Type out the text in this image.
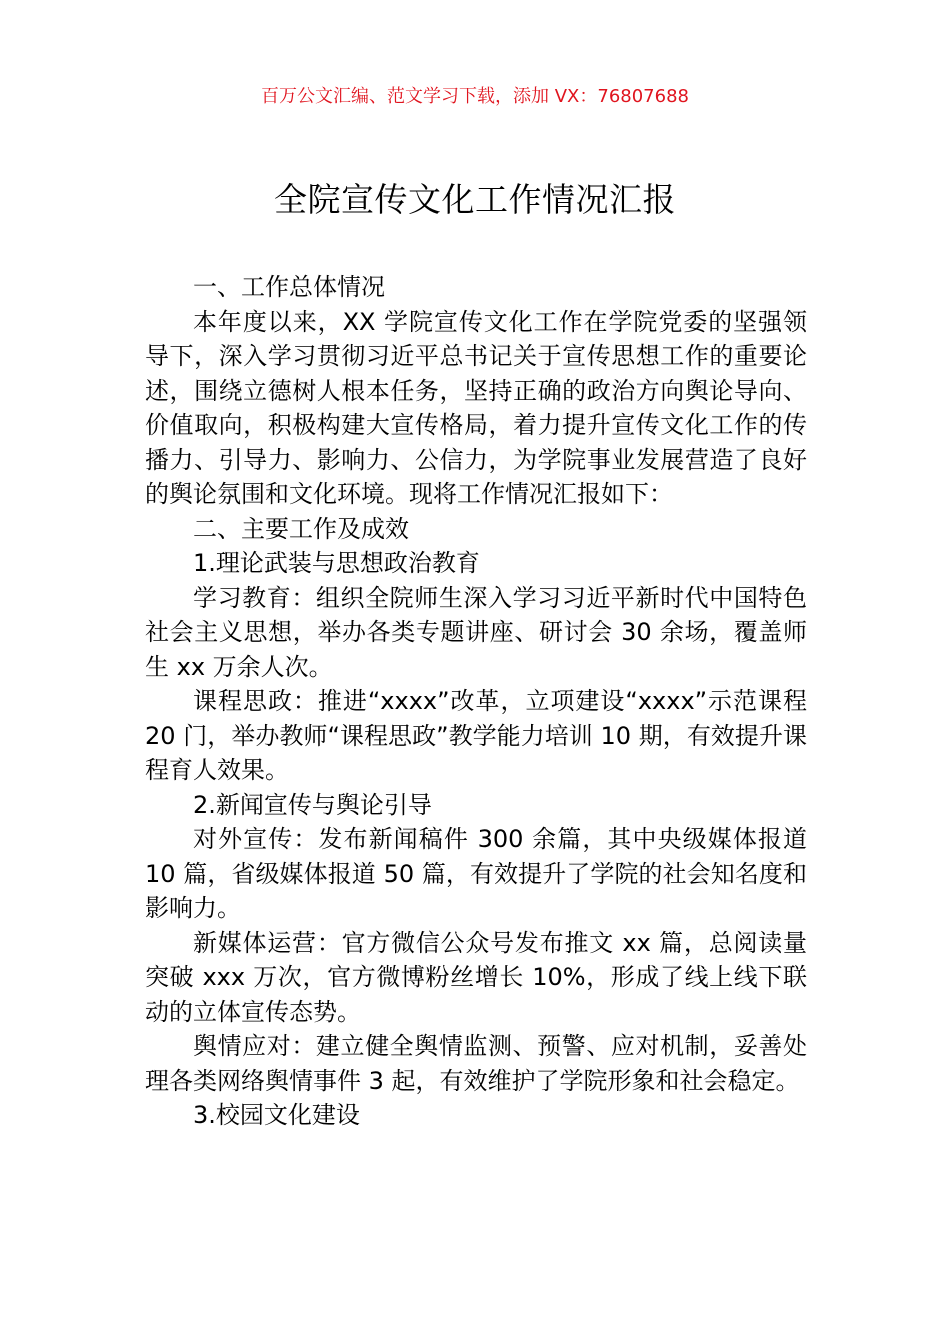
百万公文汇编、范文学习下载，添加 VX：76807688
全院宣传文化工作情况汇报

一、工作总体情况

本年度以来，XX 学院宣传文化工作在学院党委的坚强领导下，深入学习贯彻习近平总书记关于宣传思想工作的重要论述，围绕立德树人根本任务，坚持正确的政治方向舆论导向、价值取向，积极构建大宣传格局，着力提升宣传文化工作的传播力、引导力、影响力、公信力，为学院事业发展营造了良好的舆论氛围和文化环境。现将工作情况汇报如下：

二、主要工作及成效

1.理论武装与思想政治教育

学习教育：组织全院师生深入学习习近平新时代中国特色社会主义思想，举办各类专题讲座、研讨会 30 余场，覆盖师生 xx 万余人次。

课程思政：推进“xxxx”改革，立项建设“xxxx”示范课程 20 门，举办教师“课程思政”教学能力培训 10 期，有效提升课程育人效果。

2.新闻宣传与舆论引导

对外宣传：发布新闻稿件 300 余篇，其中央级媒体报道 10 篇，省级媒体报道 50 篇，有效提升了学院的社会知名度和影响力。

新媒体运营：官方微信公众号发布推文 xx 篇，总阅读量突破 xxx 万次，官方微博粉丝增长 10%，形成了线上线下联动的立体宣传态势。

舆情应对：建立健全舆情监测、预警、应对机制，妥善处理各类网络舆情事件 3 起，有效维护了学院形象和社会稳定。

3.校园文化建设
